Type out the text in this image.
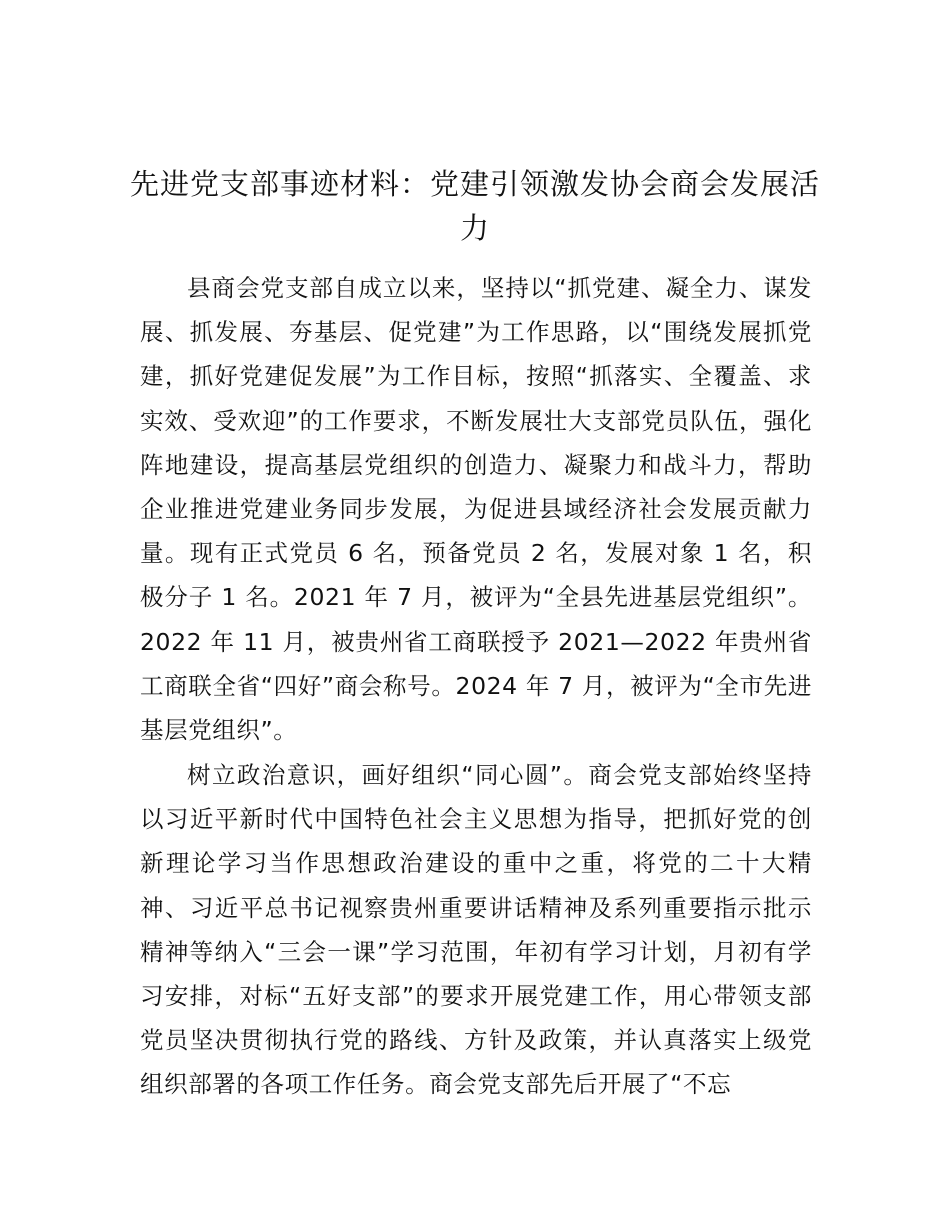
先进党支部事迹材料：党建引领激发协会商会发展活力

县商会党支部自成立以来，坚持以“抓党建、凝全力、谋发展、抓发展、夯基层、促党建”为工作思路，以“围绕发展抓党建，抓好党建促发展”为工作目标，按照“抓落实、全覆盖、求实效、受欢迎”的工作要求，不断发展壮大支部党员队伍，强化阵地建设，提高基层党组织的创造力、凝聚力和战斗力，帮助企业推进党建业务同步发展，为促进县域经济社会发展贡献力量。现有正式党员 6 名，预备党员 2 名，发展对象 1 名，积极分子 1 名。2021 年 7 月，被评为“全县先进基层党组织”。2022 年 11 月，被贵州省工商联授予 2021—2022 年贵州省工商联全省“四好”商会称号。2024 年 7 月，被评为“全市先进基层党组织”。

树立政治意识，画好组织“同心圆”。商会党支部始终坚持以习近平新时代中国特色社会主义思想为指导，把抓好党的创新理论学习当作思想政治建设的重中之重，将党的二十大精神、习近平总书记视察贵州重要讲话精神及系列重要指示批示精神等纳入“三会一课”学习范围，年初有学习计划，月初有学习安排，对标“五好支部”的要求开展党建工作，用心带领支部党员坚决贯彻执行党的路线、方针及政策，并认真落实上级党组织部署的各项工作任务。商会党支部先后开展了“不忘
